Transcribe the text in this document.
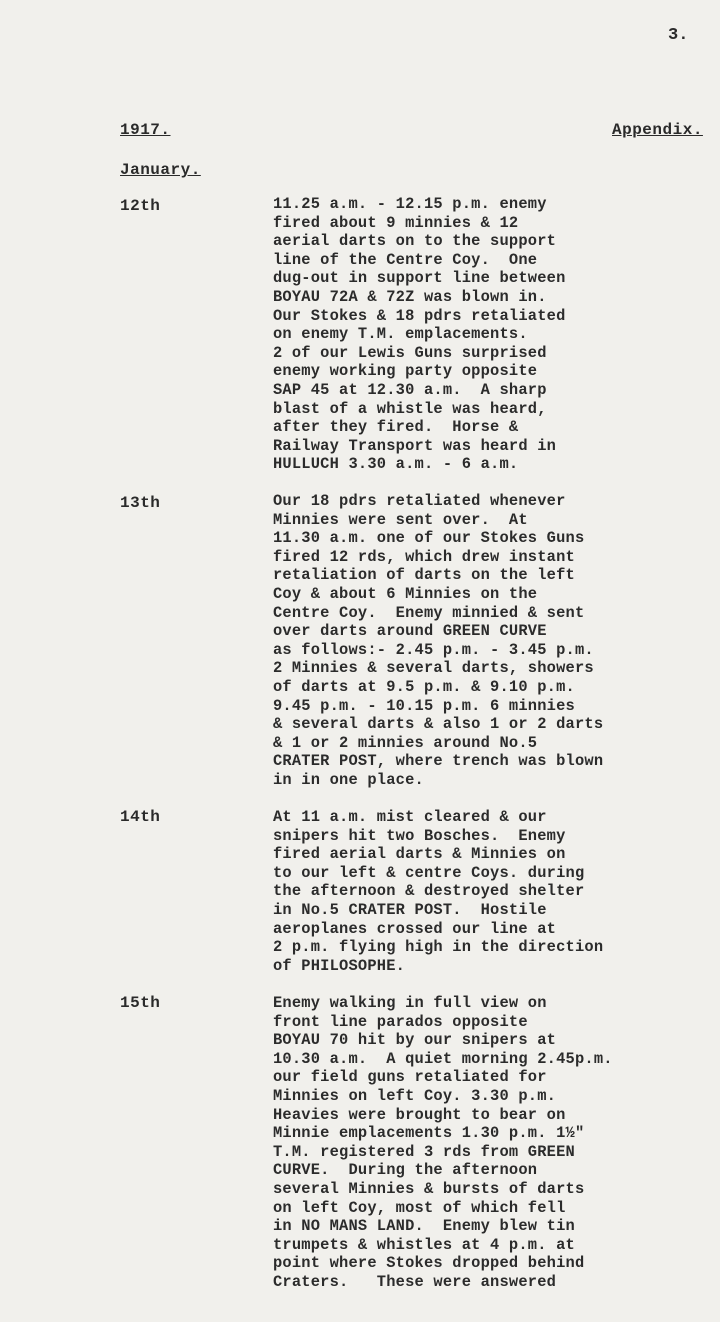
3.
1917.	Appendix.
January.
12th	11.25 a.m. - 12.15 p.m. enemy
fired about 9 minnies & 12
aerial darts on to the support
line of the Centre Coy.  One
dug-out in support line between
BOYAU 72A & 72Z was blown in.
Our Stokes & 18 pdrs retaliated
on enemy T.M. emplacements.
2 of our Lewis Guns surprised
enemy working party opposite
SAP 45 at 12.30 a.m.  A sharp
blast of a whistle was heard,
after they fired.  Horse &
Railway Transport was heard in
HULLUCH 3.30 a.m. - 6 a.m.
13th	Our 18 pdrs retaliated whenever
Minnies were sent over.  At
11.30 a.m. one of our Stokes Guns
fired 12 rds, which drew instant
retaliation of darts on the left
Coy & about 6 Minnies on the
Centre Coy.  Enemy minnied & sent
over darts around GREEN CURVE
as follows:- 2.45 p.m. - 3.45 p.m.
2 Minnies & several darts, showers
of darts at 9.5 p.m. & 9.10 p.m.
9.45 p.m. - 10.15 p.m. 6 minnies
& several darts & also 1 or 2 darts
& 1 or 2 minnies around No.5
CRATER POST, where trench was blown
in in one place.
14th	At 11 a.m. mist cleared & our
snipers hit two Bosches.  Enemy
fired aerial darts & Minnies on
to our left & centre Coys. during
the afternoon & destroyed shelter
in No.5 CRATER POST.  Hostile
aeroplanes crossed our line at
2 p.m. flying high in the direction
of PHILOSOPHE.
15th	Enemy walking in full view on
front line parados opposite
BOYAU 70 hit by our snipers at
10.30 a.m.  A quiet morning 2.45p.m.
our field guns retaliated for
Minnies on left Coy. 3.30 p.m.
Heavies were brought to bear on
Minnie emplacements 1.30 p.m. 1½"
T.M. registered 3 rds from GREEN
CURVE.  During the afternoon
several Minnies & bursts of darts
on left Coy, most of which fell
in NO MANS LAND.  Enemy blew tin
trumpets & whistles at 4 p.m. at
point where Stokes dropped behind
Craters.   These were answered
